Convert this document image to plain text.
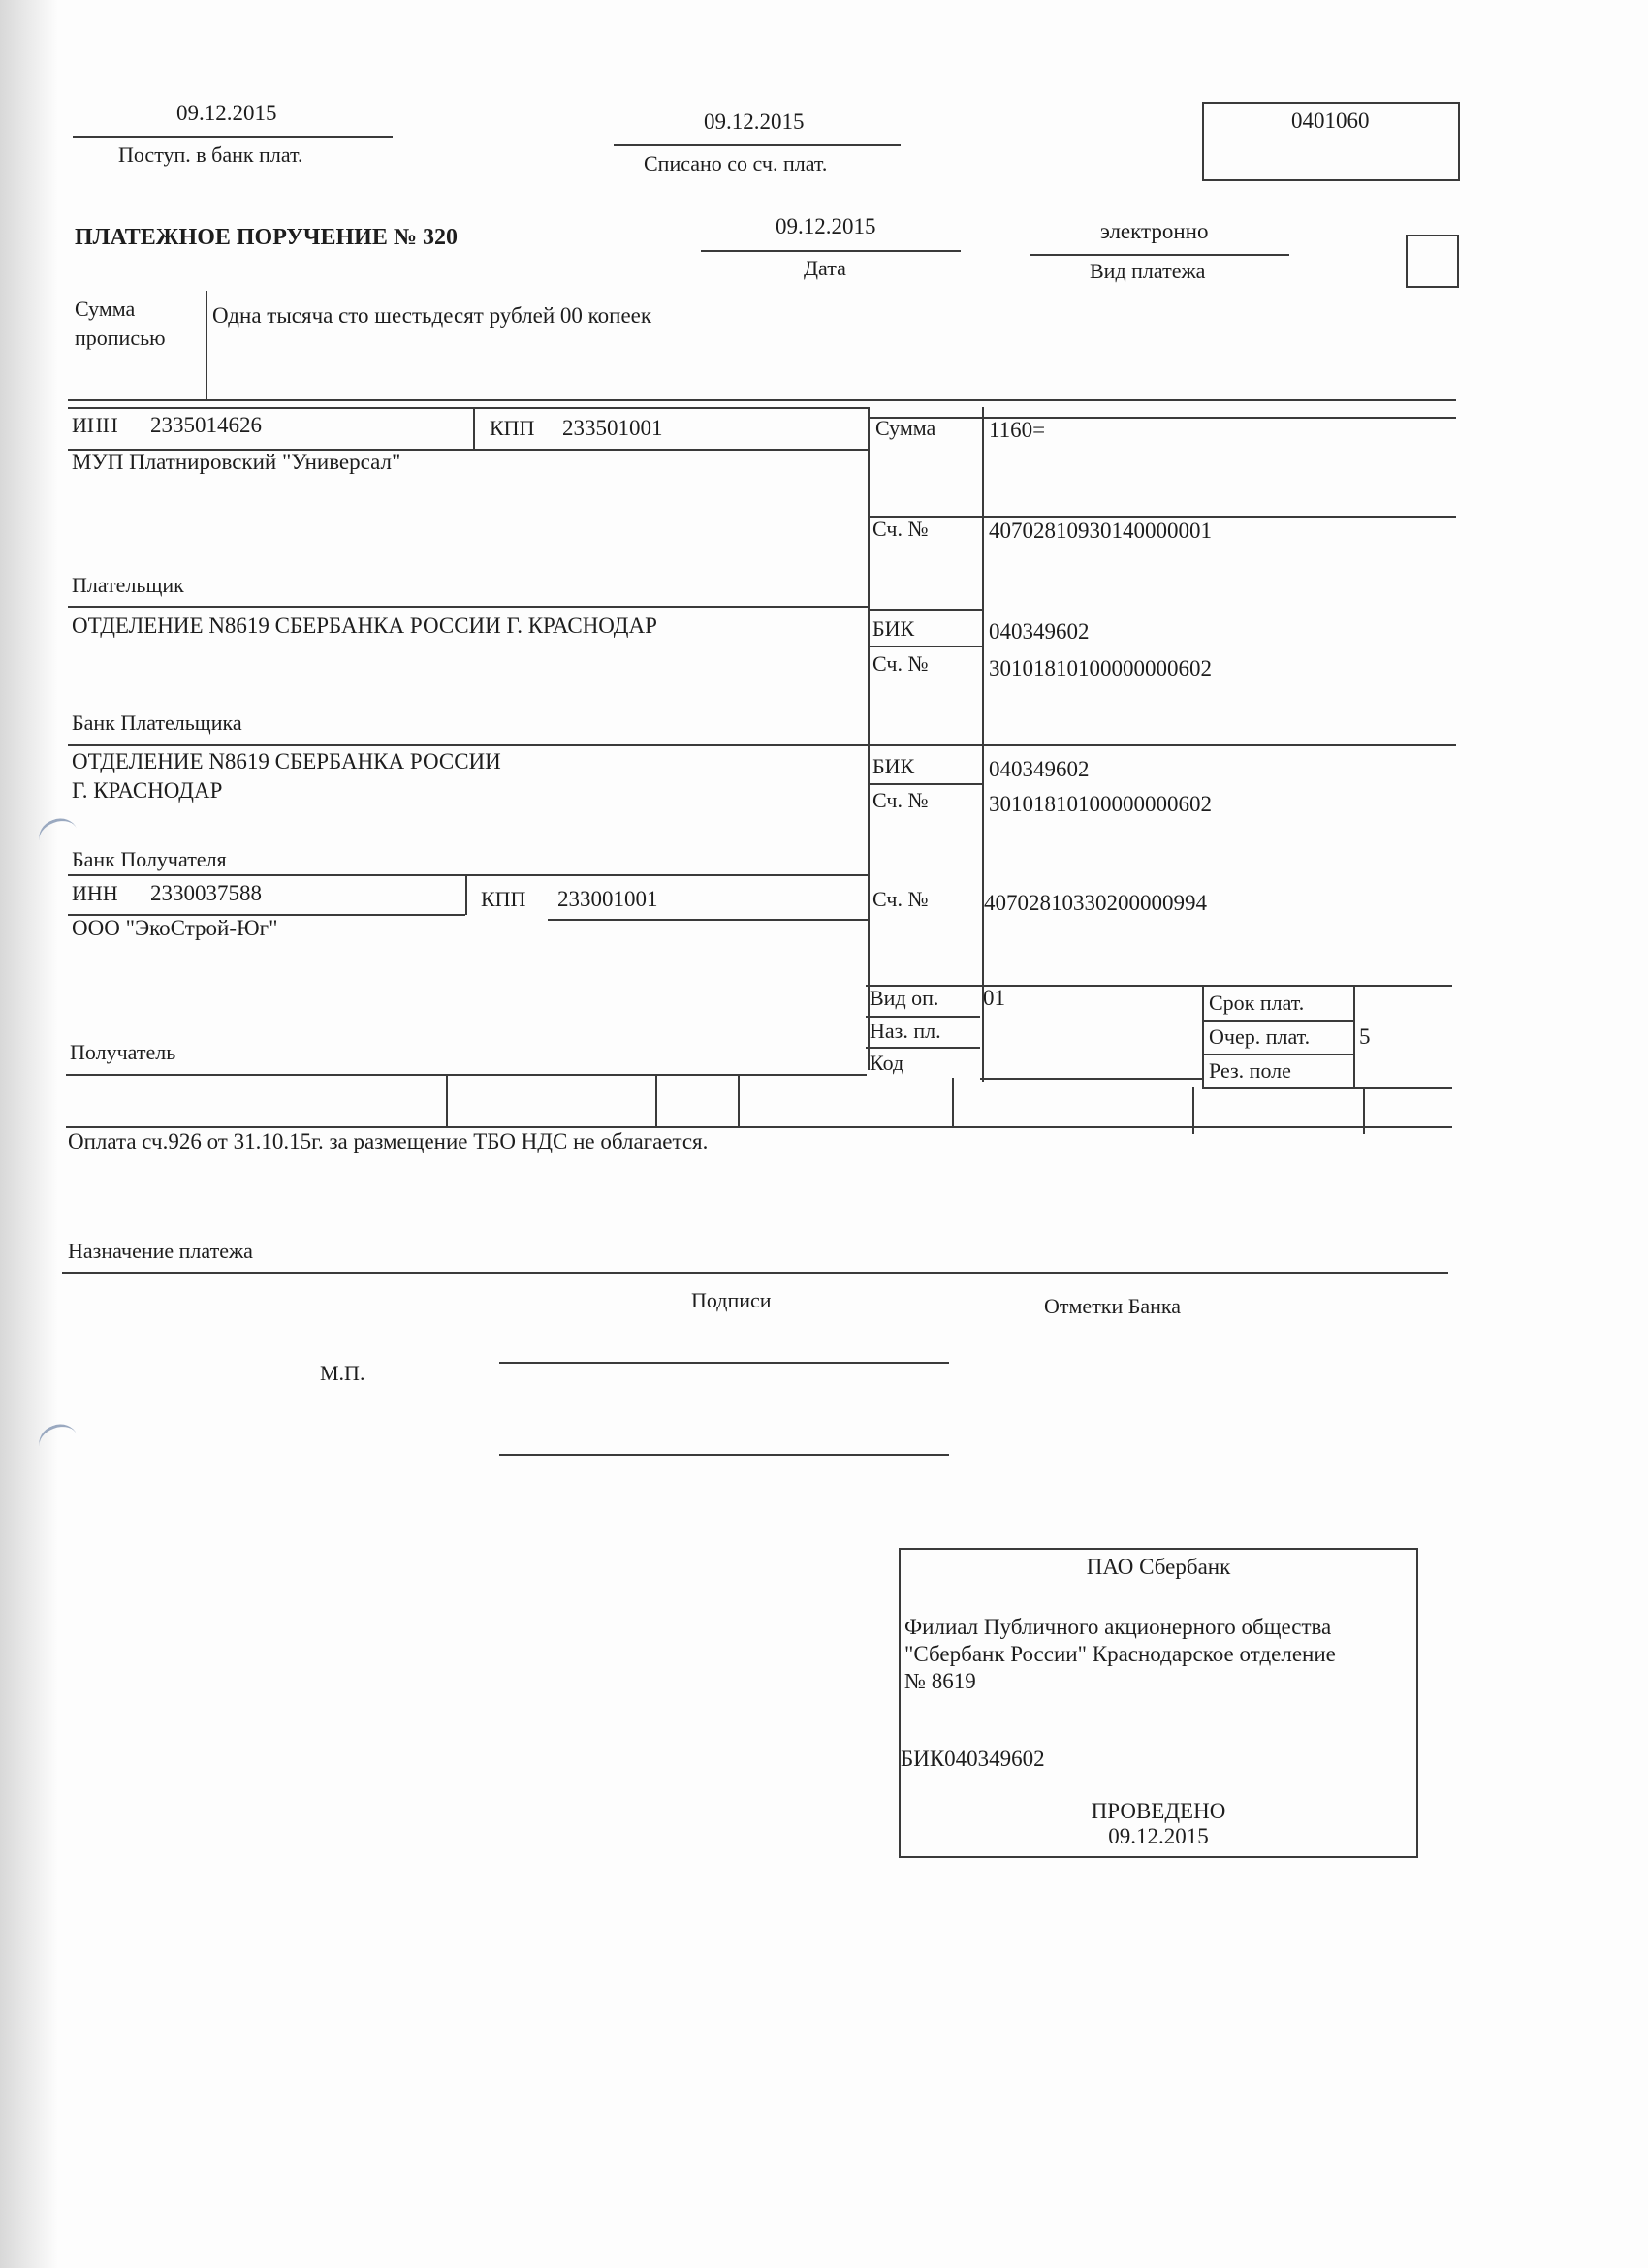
09.12.2015
Поступ. в банк плат.
09.12.2015
Списано со сч. плат.
0401060
ПЛАТЕЖНОЕ ПОРУЧЕНИЕ № 320	09.12.2015
Дата
электронно
Вид платежа
Сумма
прописью
Одна тысяча сто шестьдесят рублей 00 копеек
ИНН 2335014626	КПП 233501001
МУП Платнировский "Универсал"
Сумма 1160=
Сч. №	40702810930140000001
Плательщик
ОТДЕЛЕНИЕ N8619 СБЕРБАНКА РОССИИ Г. КРАСНОДАР	БИК	040349602
Сч. №	30101810100000000602
Банк Плательщика
ОТДЕЛЕНИЕ N8619 СБЕРБАНКА РОССИИ
Г. КРАСНОДАР
БИК	040349602
Сч. №	30101810100000000602
Банк Получателя
ИНН 2330037588	КПП 233001001
ООО "ЭкоСтрой-Юг"
Сч. №	40702810330200000994
Вид оп. 01
Наз. пл.
Код
Срок плат.
Очер. плат. 5
Рез. поле
Получатель
Оплата сч.926 от 31.10.15г. за размещение ТБО НДС не облагается.
Назначение платежа
Подписи	Отметки Банка
М.П.
ПАО Сбербанк
Филиал Публичного акционерного общества
"Сбербанк России" Краснодарское отделение
№ 8619
БИК040349602
ПРОВЕДЕНО
09.12.2015
